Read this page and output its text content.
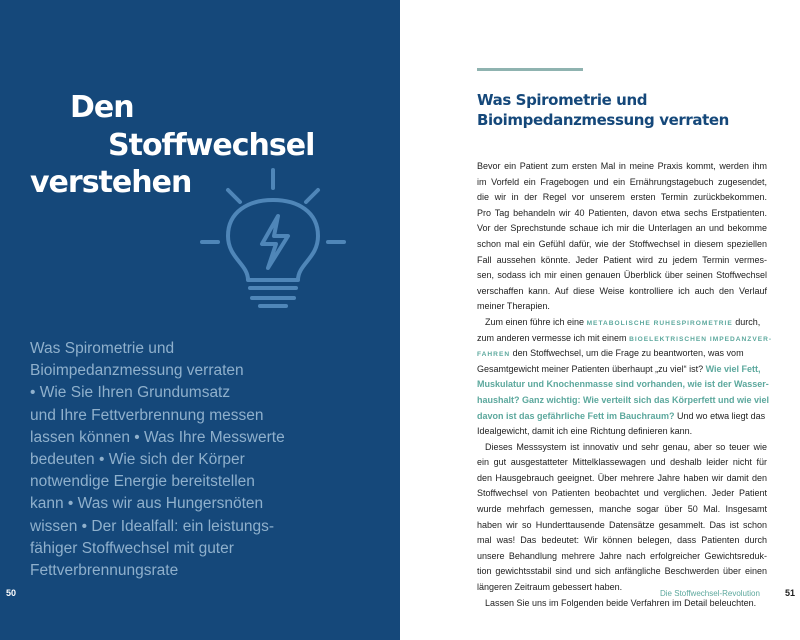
Den
Stoffwechsel
verstehen
Was Spirometrie und
Bioimpedanzmessung verraten
• Wie Sie Ihren Grundumsatz
und Ihre Fettverbrennung messen
lassen können • Was Ihre Messwerte
bedeuten • Wie sich der Körper
notwendige Energie bereitstellen
kann • Was wir aus Hungersnöten
wissen • Der Idealfall: ein leistungs-
fähiger Stoffwechsel mit guter
Fettverbrennungsrate
50
Was Spirometrie und
Bioimpedanzmessung verraten
Bevor ein Patient zum ersten Mal in meine Praxis kommt, werden ihm
im Vorfeld ein Fragebogen und ein Ernährungstagebuch zugesendet,
die wir in der Regel vor unserem ersten Termin zurückbekommen.
Pro Tag behandeln wir 40 Patienten, davon etwa sechs Erstpatienten.
Vor der Sprechstunde schaue ich mir die Unterlagen an und bekomme
schon mal ein Gefühl dafür, wie der Stoffwechsel in diesem speziellen
Fall aussehen könnte. Jeder Patient wird zu jedem Termin vermes-
sen, sodass ich mir einen genauen Überblick über seinen Stoffwechsel
verschaffen kann. Auf diese Weise kontrolliere ich auch den Verlauf
meiner Therapien.
Zum einen führe ich eine METABOLISCHE RUHESPIROMETRIE durch,
zum anderen vermesse ich mit einem BIOELEKTRISCHEN IMPEDANZVER-
FAHREN den Stoffwechsel, um die Frage zu beantworten, was vom
Gesamtgewicht meiner Patienten überhaupt „zu viel“ ist? Wie viel Fett,
Muskulatur und Knochenmasse sind vorhanden, wie ist der Wasser-
haushalt? Ganz wichtig: Wie verteilt sich das Körperfett und wie viel
davon ist das gefährliche Fett im Bauchraum? Und wo etwa liegt das
Idealgewicht, damit ich eine Richtung definieren kann.
Dieses Messsystem ist innovativ und sehr genau, aber so teuer wie
ein gut ausgestatteter Mittelklassewagen und deshalb leider nicht für
den Hausgebrauch geeignet. Über mehrere Jahre haben wir damit den
Stoffwechsel von Patienten beobachtet und verglichen. Jeder Patient
wurde mehrfach gemessen, manche sogar über 50 Mal. Insgesamt
haben wir so Hunderttausende Datensätze gesammelt. Das ist schon
mal was! Das bedeutet: Wir können belegen, dass Patienten durch
unsere Behandlung mehrere Jahre nach erfolgreicher Gewichtsreduk-
tion gewichtsstabil sind und sich anfängliche Beschwerden über einen
längeren Zeitraum gebessert haben.
Lassen Sie uns im Folgenden beide Verfahren im Detail beleuchten.
Die Stoffwechsel-Revolution	51
